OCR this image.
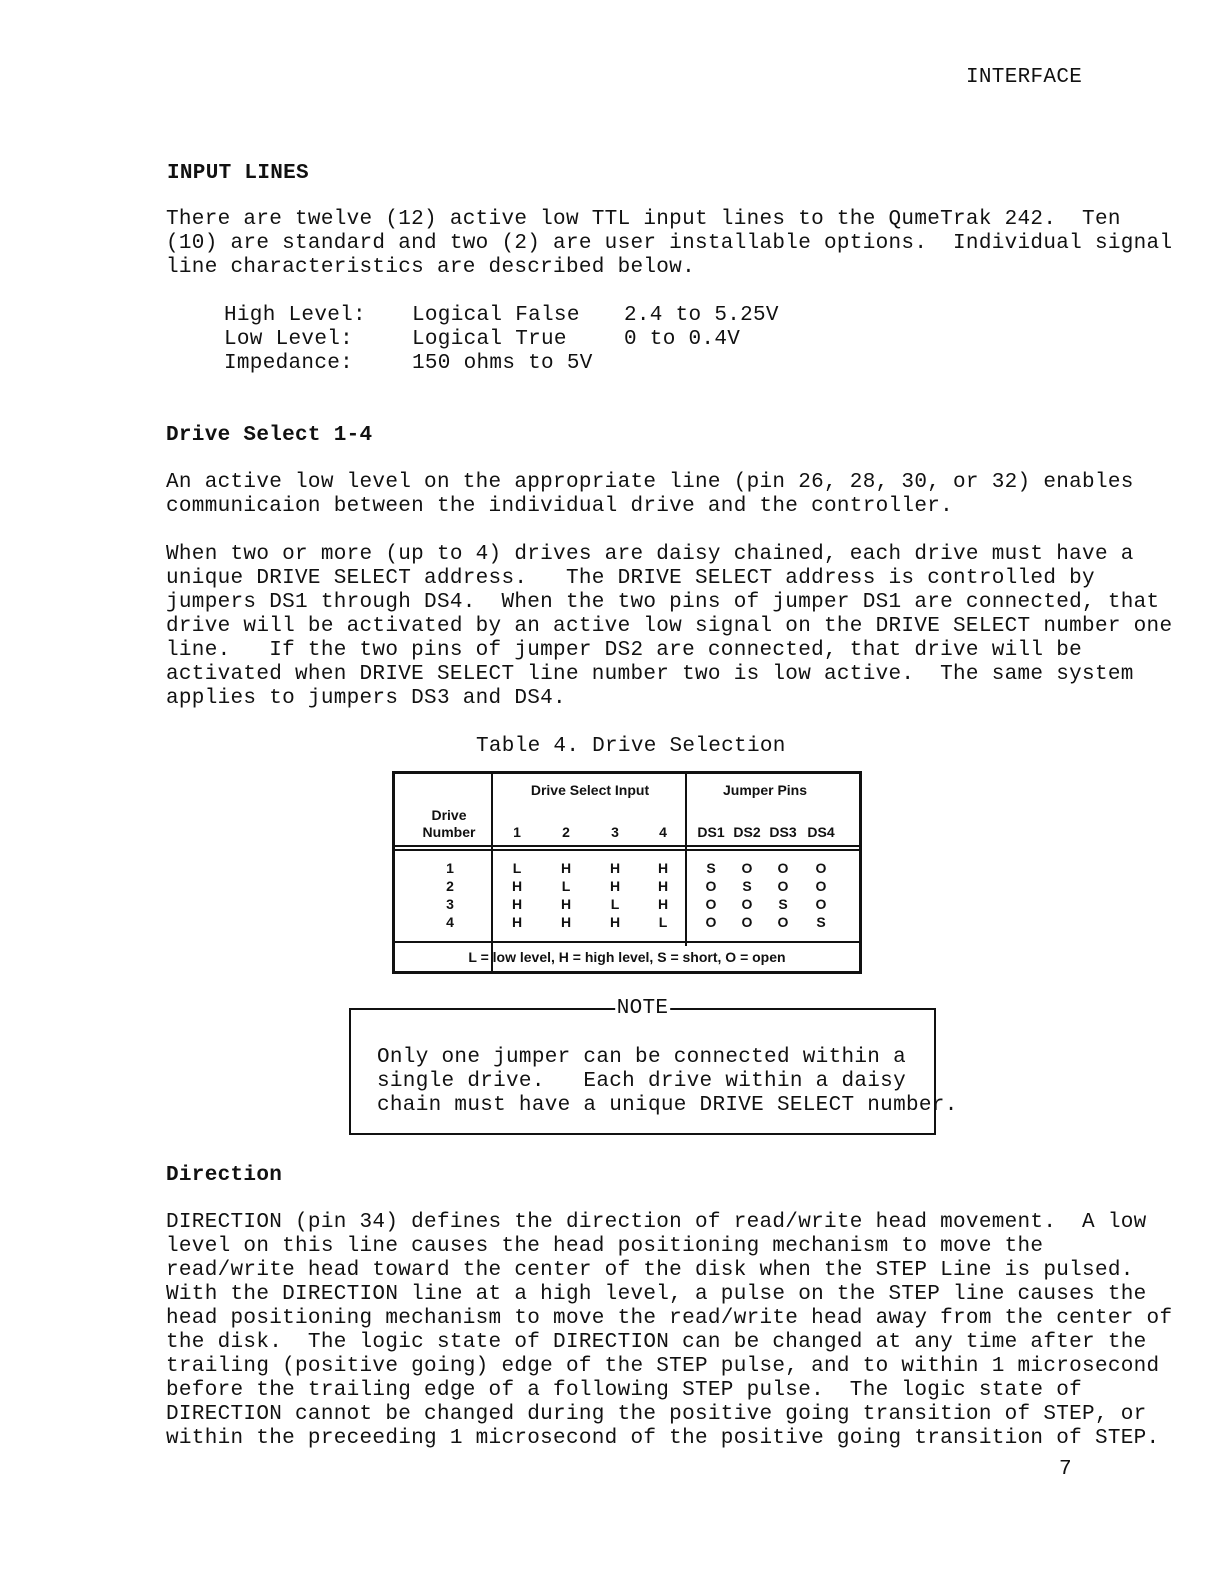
INTERFACE
INPUT LINES
There are twelve (12) active low TTL input lines to the QumeTrak 242.  Ten
(10) are standard and two (2) are user installable options.  Individual signal
line characteristics are described below.
High Level:	Logical False	2.4 to 5.25V
Low Level:	Logical True	0 to 0.4V
Impedance:	150 ohms to 5V
Drive Select 1-4
An active low level on the appropriate line (pin 26, 28, 30, or 32) enables
communicaion between the individual drive and the controller.
When two or more (up to 4) drives are daisy chained, each drive must have a
unique DRIVE SELECT address.   The DRIVE SELECT address is controlled by
jumpers DS1 through DS4.  When the two pins of jumper DS1 are connected, that
drive will be activated by an active low signal on the DRIVE SELECT number one
line.   If the two pins of jumper DS2 are connected, that drive will be
activated when DRIVE SELECT line number two is low active.  The same system
applies to jumpers DS3 and DS4.
Table 4. Drive Selection
Drive Select Input	Jumper Pins
Drive
Number	1	2	3	4	DS1 DS2 DS3 DS4
1	L	H	H	H	S	O	O	O
2	H	L	H	H	O	S	O	O
3	H	H	L	H	O	O	S	O
4	H	H	H	L	O	O	O	S
L = low level, H = high level, S = short, O = open
NOTE
Only one jumper can be connected within a
single drive.   Each drive within a daisy
chain must have a unique DRIVE SELECT number.
Direction
DIRECTION (pin 34) defines the direction of read/write head movement.  A low
level on this line causes the head positioning mechanism to move the
read/write head toward the center of the disk when the STEP Line is pulsed.
With the DIRECTION line at a high level, a pulse on the STEP line causes the
head positioning mechanism to move the read/write head away from the center of
the disk.  The logic state of DIRECTION can be changed at any time after the
trailing (positive going) edge of the STEP pulse, and to within 1 microsecond
before the trailing edge of a following STEP pulse.  The logic state of
DIRECTION cannot be changed during the positive going transition of STEP, or
within the preceeding 1 microsecond of the positive going transition of STEP.
7
